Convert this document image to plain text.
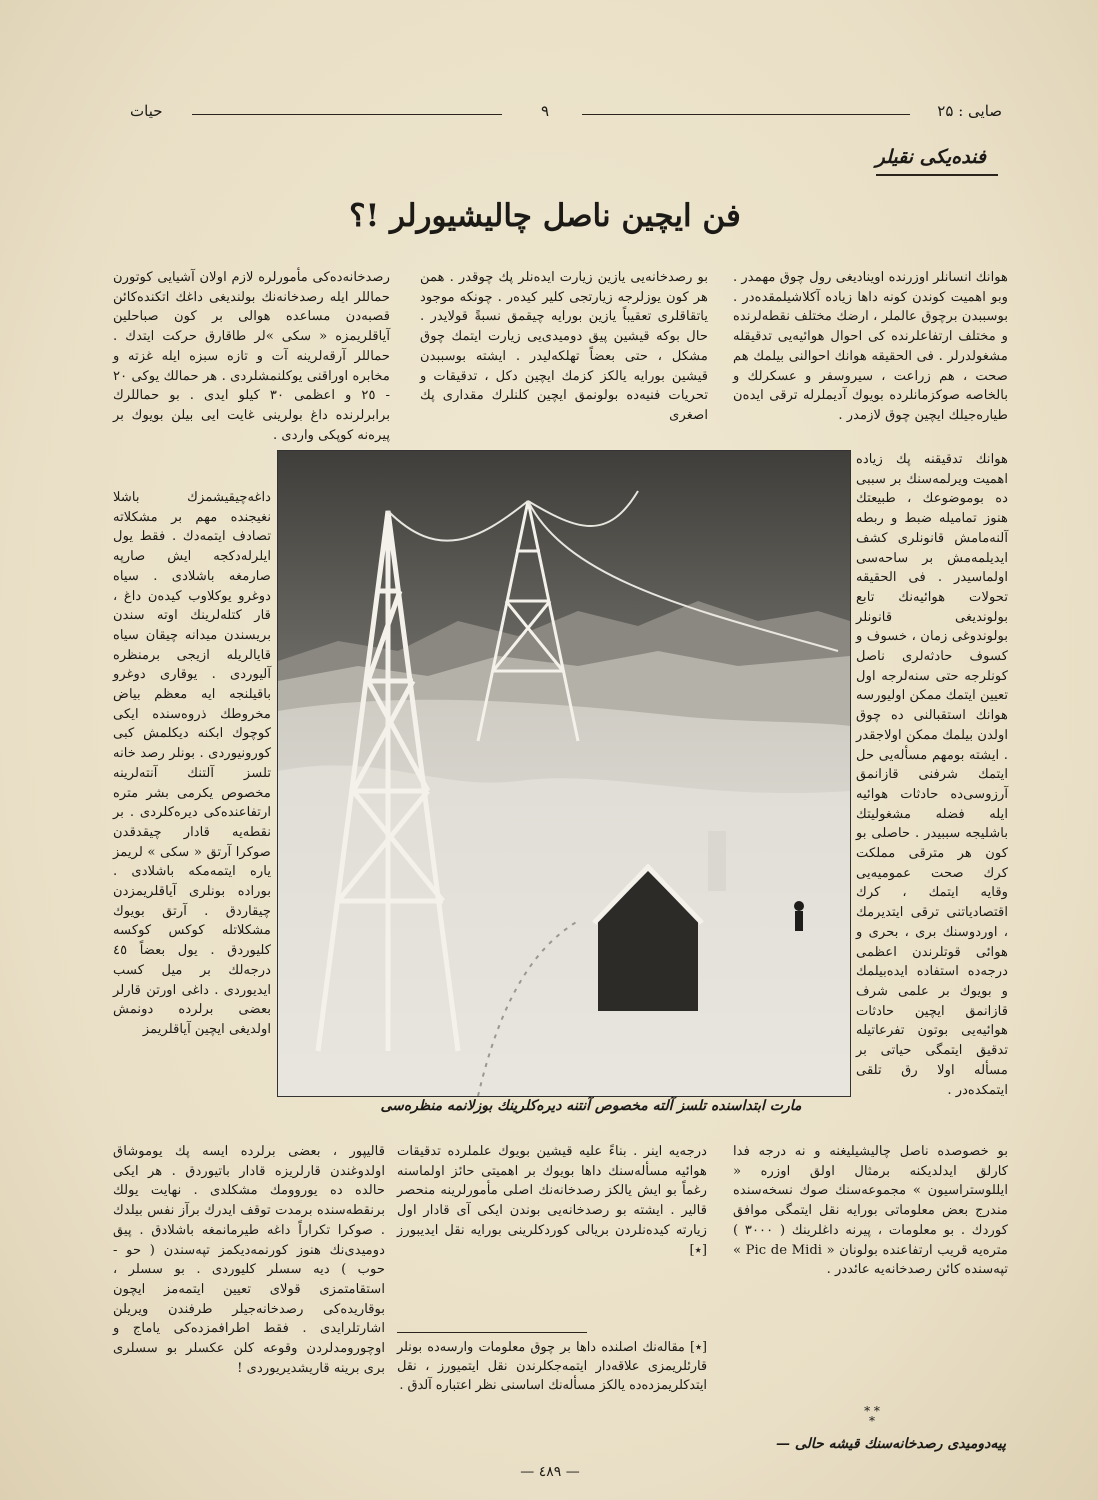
حیات	۹	صایی : ۲۵
فنده‌یکی نقیلر
فن ایچین ناصل چالیشیورلر !؟

هوانك انسانلر اوزرنده اویناديغى رول چوق مهمدر . وبو اهمیت کوندن کونه داها زیاده آکلاشیلمقده‌در . بوسببدن برچوق عالملر ، ارضك مختلف نقطه‌لرنده و مختلف ارتفاعلرنده کی احوال هوائیه‌یی تدقیقله مشغولدرلر . فی الحقیقه هوانك احوالنی بیلمك هم صحت ، هم زراعت ، سیروسفر و عسکرلك و بالخاصه صوکزمانلرده بویوك آدیملرله ترقی ایده‌ن طیاره‌جیلك ایچین چوق لازمدر .

بو رصدخانه‌یی یازین زیارت ایده‌نلر پك چوقدر . همن هر کون یوزلرجه زیارتجی کلیر کیده‌ر . چونکه موجود یاتقاقلری تعقیباً یازین بورایه چیقمق نسبةً قولایدر . حال بوکه قیشین پیق دومیدی‌یی زیارت ایتمك چوق مشکل ، حتی بعضاً تهلکه‌لیدر . ایشته بوسببدن قیشین بورایه یالکز کزمك ایچین دکل ، تدقیقات و تحریات فنیه‌ده بولونمق ایچین کلنلرك مقداری پك اصغری

رصدخانه‌ده‌کی مأمورلره لازم اولان آشیایی کوتورن حماللر ایله رصدخانه‌نك بولندیغی داغك اتکنده‌کائن قصبه‌دن مساعده هوالی بر کون صباحلین آیاقلریمزه « سکی »لر طاقارق حرکت ایتدك . حماللر آرقه‌لرینه آت و تازه سبزه ایله غزته و مخابره اوراقنی یوکلنمشلردی . هر حمالك یوکی ٢٠ - ٢٥ و اعظمی ٣٠ کیلو ایدی . بو حماللرك برابرلرنده داغ بولرینی غایت ایی بیلن بویوك بر پیره‌نه کوپکی واردی .

هوانك تدقیقنه پك زیاده اهمیت ویرلمه‌سنك بر سببی ده بوموضوعك ، طبیعتك هنوز تماميله ضبط و ربطه آلنه‌مامش قانونلری کشف ایدیلمه‌مش بر ساحه‌سی اولماسیدر . فی الحقیقه تحولات هوائیه‌نك تابع بولوندیغی قانونلر بولوندوغی زمان ، خسوف و کسوف حادثه‌لری ناصل کونلرجه حتی سنه‌لرجه اول تعیین ایتمك ممکن اولیورسه هوانك استقبالنی ده چوق اولدن بیلمك ممکن اولاجقدر . ایشته بومهم مسأله‌یی حل ایتمك شرفنی قازانمق آرزوسی‌ده حادثات هوائیه ایله فضله مشغولیتك باشلیجه سببیدر . حاصلی بو کون هر مترقی مملکت کرك صحت عمومیه‌یی وقایه ایتمك ، کرك اقتصادیاتنی ترقی ایتدیرمك ، اوردوسنك بری ، بحری و هوائی قوتلرندن اعظمی درجه‌ده استفاده ایده‌بیلمك و بویوك بر علمی شرف قازانمق ایچین حادثات هوائیه‌یی بوتون تفرعاتیله تدقیق ایتمگی حیاتی بر مسأله اولا رق تلقی ایتمکده‌در .

داغه‌چیقیشمزك باشلا نغیجنده مهم بر مشکلاته تصادف ایتمه‌دك . فقط یول ایلرله‌دکجه ایش صارپه صارمغه باشلادی . سیاه دوغرو یوکلاوب کیده‌ن داغ ، قار کتله‌لرینك اوته سندن بریسندن میدانه چیقان سیاه قایالریله ازیجی برمنظره آلیوردی . یوقاری دوغرو باقیلنجه ایه معظم بیاض مخروطك ذروه‌سنده ایکی کوچوك ابکنه دیکلمش کبی کورونیوردی . بونلر رصد خانه تلسز آلتنك آنته‌لرینه مخصوص یکرمی بشر متره ارتفاعنده‌کی دیره‌کلردی . بر نقطه‌یه قادار چیقدقدن صوکرا آرتق « سکی » لریمز یاره ایتمه‌مکه باشلادی . بوراده بونلری آیاقلریمزدن چیقاردق . آرتق بویوك مشکلاتله کوکس کوکسه کلیوردق . یول بعضاً ٤٥ درجه‌لك بر میل کسب ایدیوردی . داغی اورتن قارلر بعضی برلرده دونمش اولدیغی ایچین آیاقلریمز

مارت ابتداسنده تلسز آلته مخصوص آنتنه دیره‌کلرینك بوزلانمه منظره‌سی

بو خصوصده ناصل چالیشیلیغنه و نه درجه فدا کارلق ایدلدیکنه برمثال اولق اوزره « ایللوستراسیون » مجموعه‌سنك صوك نسخه‌سنده مندرج بعض معلوماتی بورایه نقل ایتمگی موافق کوردك . بو معلومات ، پیرنه داغلرینك ( ٣٠٠٠ ) متره‌یه قریب ارتفاعنده بولونان « Pic de Midi » تپه‌سنده کائن رصدخانه‌یه عائددر .

درجه‌یه اینر . بناءً علیه قیشین بویوك علملرده تدقیقات هوائیه مسأله‌سنك داها بویوك بر اهمیتی حائز اولماسنه رغماً بو ایش یالکز رصدخانه‌نك اصلی مأمورلرینه منحصر قالیر . ایشته بو رصدخانه‌یی بوندن ایکی آی قادار اول زیارته کیده‌نلردن بریالی کوردکلرینی بورایه نقل ایدیبورز [٭]

[٭] مقاله‌نك اصلنده داها بر چوق معلومات وارسه‌ده بونلر قارئلریمزی علاقه‌دار ایتمه‌جکلرندن نقل ایتمیورز ، نقل ایتدکلریمزده‌ده یالکز مسأله‌نك اساسنی نظر اعتباره آلدق .

قالیپور ، بعضی برلرده ایسه پك یوموشاق اولدوغندن قارلریزه قادار باتیوردق . هر ایکی حالده ده یوروومك مشکلدی . نهایت یولك برنقطه‌سنده برمدت توقف ایدرك برآز نفس بیلدك . صوکرا تکراراً داغه طیرمانمغه باشلادق . پیق دومیدی‌نك هنوز کورنمه‌دیکمز تپه‌سندن ( حو - حوب ) دیه سسلر کلیوردی . بو سسلر ، استقامتمزی قولای تعیین ایتمه‌مز ایچون بوقاریده‌کی رصدخانه‌جیلر طرفندن ویریلن اشارتلرایدی . فقط اطرافمزده‌کی یاماج و اوچورومدلردن وقوعه کلن عکسلر بو سسلری بری برینه قاریشدیریوردی !

* * *
پیه‌دومیدی رصدخانه‌سنك قیشه حالی —
— ٤٨٩ —
